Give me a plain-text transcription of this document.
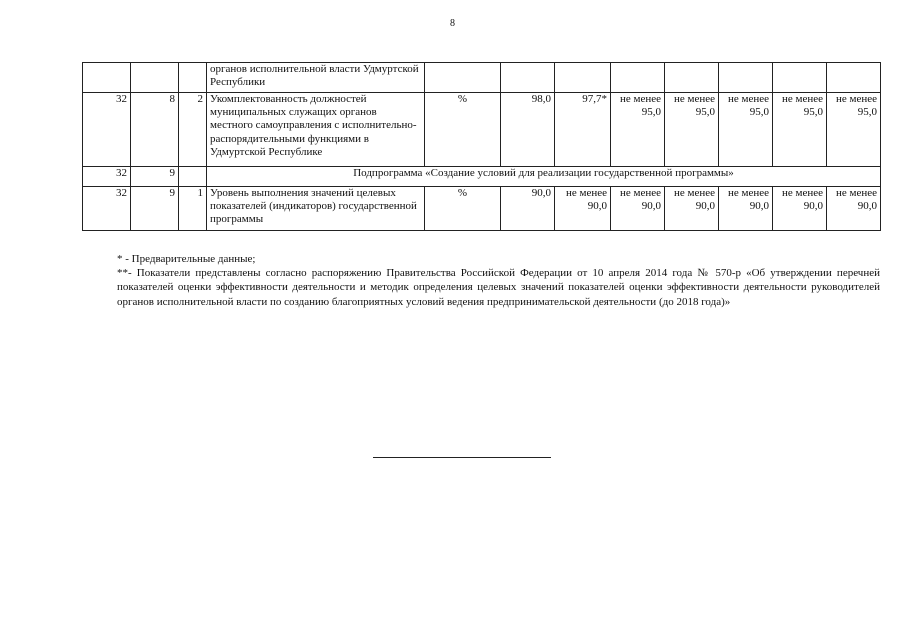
8
			органов исполнительной власти Удмуртской Республики								
32	8	2	Укомплектованность должностей муниципальных служащих органов местного самоуправления с исполнительно-распорядительными функциями в Удмуртской Республике	%	98,0	97,7*	не менее 95,0	не менее 95,0	не менее 95,0	не менее 95,0	не менее 95,0
32	9		Подпрограмма «Создание условий для реализации государственной программы»								
32	9	1	Уровень выполнения значений целевых показателей (индикаторов) государственной программы	%	90,0	не менее 90,0	не менее 90,0	не менее 90,0	не менее 90,0	не менее 90,0	не менее 90,0

* - Предварительные данные;

**- Показатели представлены согласно распоряжению Правительства Российской Федерации от 10 апреля 2014 года № 570-р «Об утверждении перечней показателей оценки эффективности деятельности и методик определения целевых значений показателей оценки эффективности деятельности руководителей органов исполнительной власти по созданию благоприятных условий ведения предпринимательской деятельности (до 2018 года)»
